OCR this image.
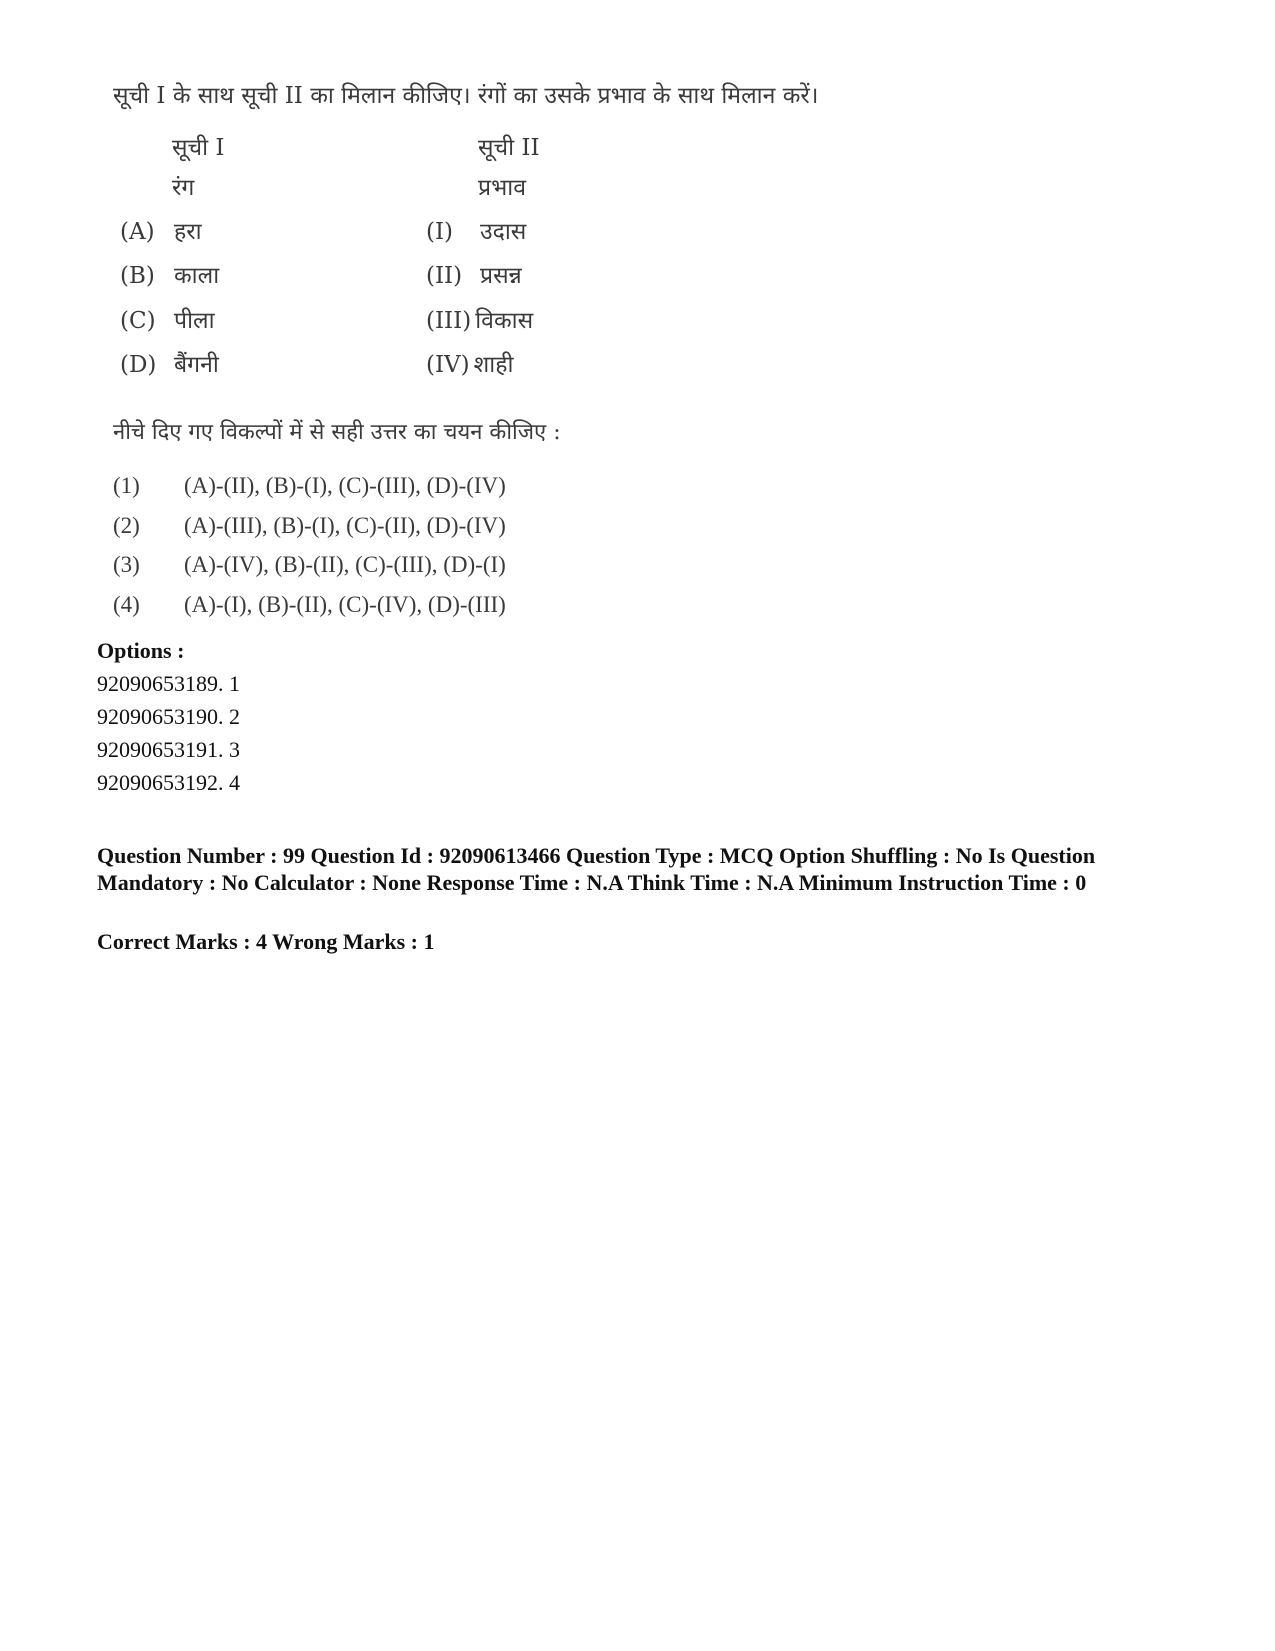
सूची I के साथ सूची II का मिलान कीजिए। रंगों का उसके प्रभाव के साथ मिलान करें।
सूची I
रंग
सूची II
प्रभाव
(A) हरा
(B) काला
(C) पीला
(D) बैंगनी
(I) उदास
(II) प्रसन्न
(III) विकास
(IV) शाही
नीचे दिए गए विकल्पों में से सही उत्तर का चयन कीजिए :
(1) (A)-(II), (B)-(I), (C)-(III), (D)-(IV)
(2) (A)-(III), (B)-(I), (C)-(II), (D)-(IV)
(3) (A)-(IV), (B)-(II), (C)-(III), (D)-(I)
(4) (A)-(I), (B)-(II), (C)-(IV), (D)-(III)
Options :
92090653189. 1
92090653190. 2
92090653191. 3
92090653192. 4
Question Number : 99 Question Id : 92090613466 Question Type : MCQ Option Shuffling : No Is Question Mandatory : No Calculator : None Response Time : N.A Think Time : N.A Minimum Instruction Time : 0
Correct Marks : 4 Wrong Marks : 1
